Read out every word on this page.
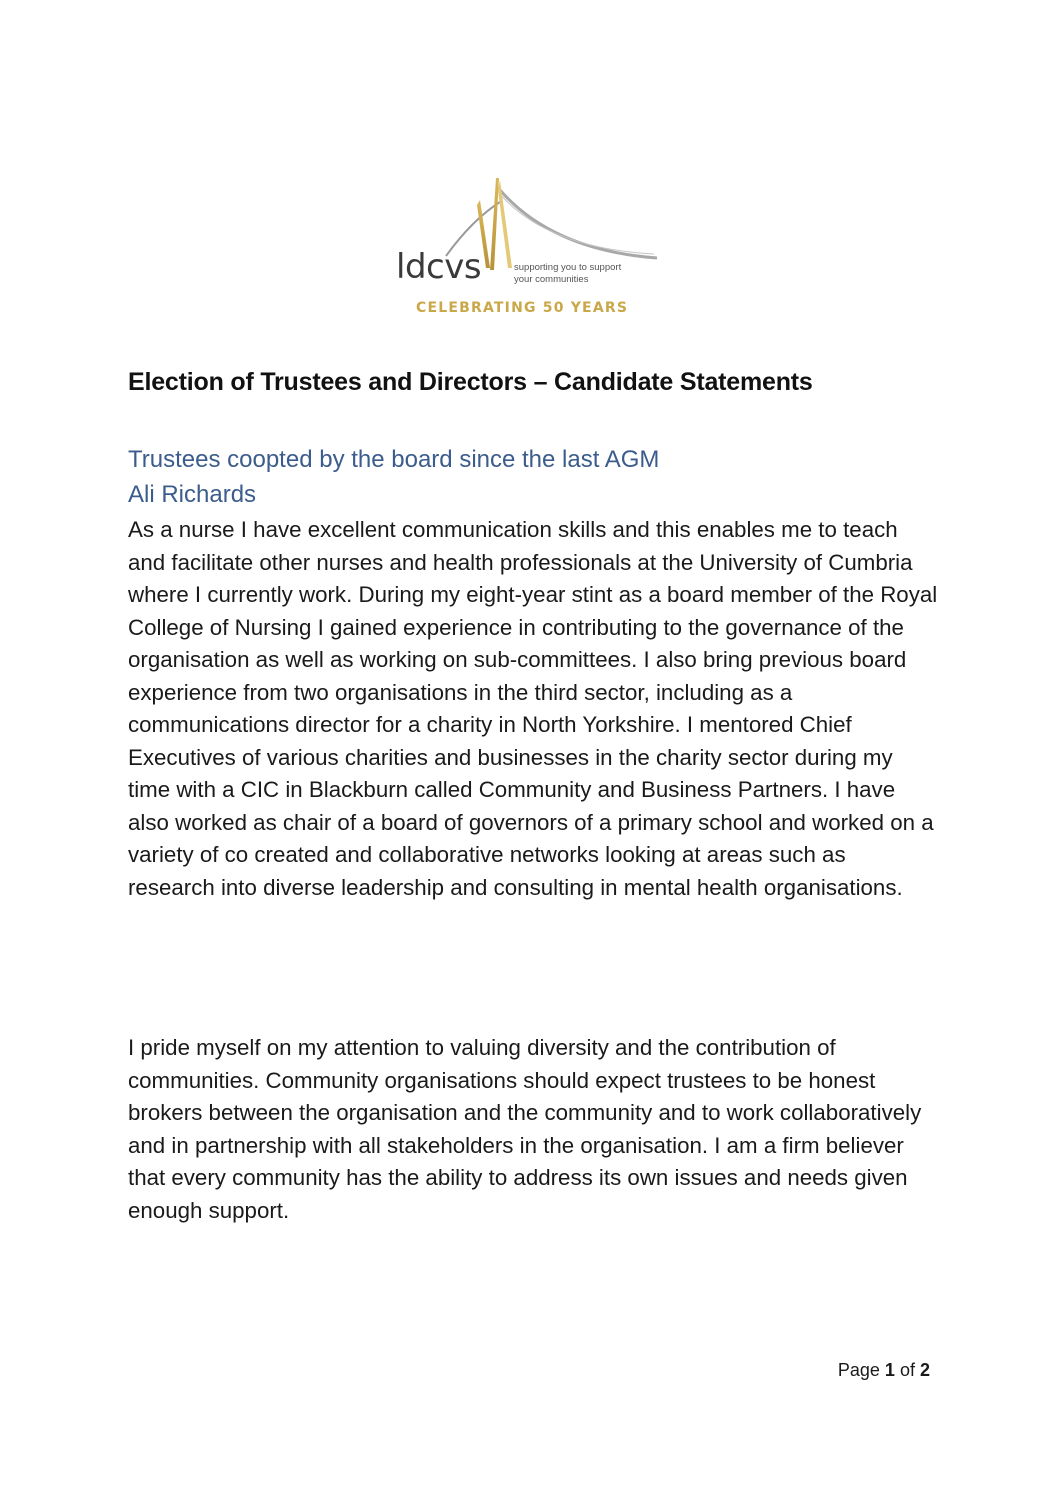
ldcvs	supporting you to support
your communities
CELEBRATING 50 YEARS
Election of Trustees and Directors – Candidate Statements
Trustees coopted by the board since the last AGM
Ali Richards

As a nurse I have excellent communication skills and this enables me to teach and facilitate other nurses and health professionals at the University of Cumbria where I currently work. During my eight-year stint as a board member of the Royal College of Nursing I gained experience in contributing to the governance of the organisation as well as working on sub-committees. I also bring previous board experience from two organisations in the third sector, including as a communications director for a charity in North Yorkshire. I mentored Chief Executives of various charities and businesses in the charity sector during my time with a CIC in Blackburn called Community and Business Partners. I have also worked as chair of a board of governors of a primary school and worked on a variety of co created and collaborative networks looking at areas such as research into diverse leadership and consulting in mental health organisations.

I pride myself on my attention to valuing diversity and the contribution of communities. Community organisations should expect trustees to be honest brokers between the organisation and the community and to work collaboratively and in partnership with all stakeholders in the organisation. I am a firm believer that every community has the ability to address its own issues and needs given enough support.

Page 1 of 2
